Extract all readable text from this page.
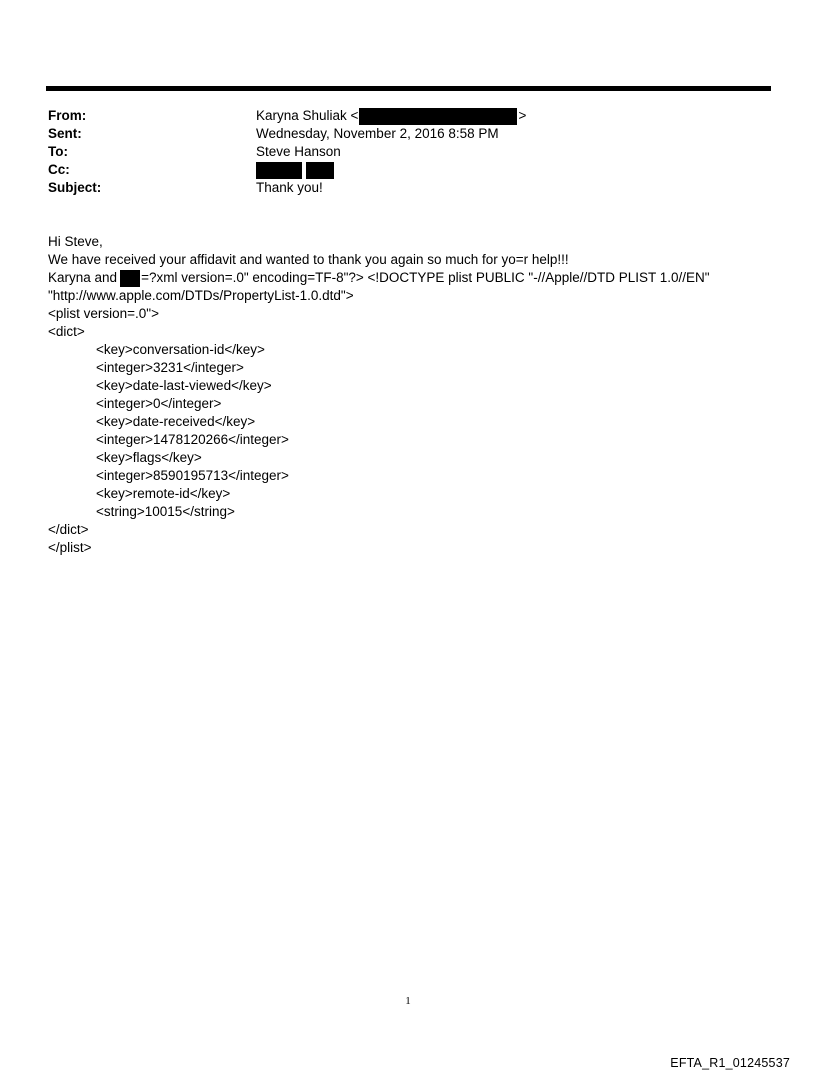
From:	Karyna Shuliak <	>
Sent:	Wednesday, November 2, 2016 8:58 PM
To:	Steve Hanson
Cc:
Subject:	Thank you!
Hi Steve,
We have received your affidavit and wanted to thank you again so much for yo=r help!!!
Karyna and =?xml version=.0" encoding=TF-8"?> <!DOCTYPE plist PUBLIC "-//Apple//DTD PLIST 1.0//EN"
"http://www.apple.com/DTDs/PropertyList-1.0.dtd">
<plist version=.0">
<dict>
<key>conversation-id</key>
<integer>3231</integer>
<key>date-last-viewed</key>
<integer>0</integer>
<key>date-received</key>
<integer>1478120266</integer>
<key>flags</key>
<integer>8590195713</integer>
<key>remote-id</key>
<string>10015</string>
</dict>
</plist>
1
EFTA_R1_01245537
